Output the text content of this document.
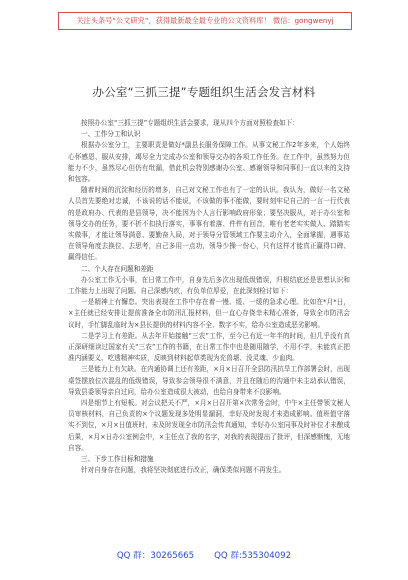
关注头条号“公文研究”，获得最新最全最专业的公文资料库！ 微信：gongwenyj
办公室“三抓三提”专题组织生活会发言材料

按照办公室“三抓三提”专题组织生活会要求，现从四个方面对照检查如下：

一、工作分工和认识

根据办公室分工，主要职责是做好*副县长服务保障工作。从事文秘工作2年多来，个人始终心怀感恩、服从安排，竭尽全力完成办公室和领导交办的各项工作任务。在工作中，虽然努力但能力不少，虽然尽心但仍有纰漏，借此机会特别感谢办公室、感谢领导和同事们一直以来的支持和包容。

随着时间的沉淀和经历的增多，自己对文秘工作也有了一定的认识。我认为，做好一名文秘人员首先要绝对忠诚，不该说的话不能说，不该做的事不能做，要时刻牢记自己的一言一行代表的是政府办、代表的是县领导，决不能因为个人言行影响政府形象；要坚决服从，对于办公室和领导交办的任务，要不折不扣执行落实，事事有着落、件件有回音，唯有老老实实做人、踏踏实实做事，才能让领导满意、要勤奋入局，对于领导分管领域工作要主动介入，全面掌握，遇事站在领导角度去换位、去思考，自己多用一点功，领导少操一份心，只有这样才能真正赢得口碑、赢得信任。

二、个人存在问题和差距

办公室工作无小事，在日常工作中，自身先后多次出现低级错误，归根结底还是思想认识和工作能力上出现了问题。自己深感内疚，有负单位厚爱，在此深刻检讨如下：

一是精神上有懈怠。突出表现在工作中存在着一慢、缓、一缓的急求心理。比如在*月*日，×主任就已经安排让提前准备全市防汛汇报材料，但一直心存侥幸未精心准备，导致全市防汛会议时，手忙脚乱临时为×县长提供的材料内容不全、数字不实，给办公室造成恶劣影响。

二是学习上有差距。从去年开始接触“三农”工作，至今已有近一年半的时间，但几乎没有真正深研细读过国家有关“三农”工作的书籍，在日常工作中也是随用随学，不用不学，未能真正把准内涵要义、吃透精神实质，反映到材料起草类现为充兽堪、没灵魂、少血肉。

三是能力上有欠缺。在内通协调上还有差距，×月×日召开全县防汛抗旱工作部署会时，出现桌签摆放位次混乱的低级错误，导致参会领导很不满意，并且在随后的沟通中未主动承认错误，导致县委领导亲自过问，给办公室造成很大被动，也给自身带来不良影响。

四是细节上有短板。对会议把关不严，×月×日召开第×次常务会时，中午×主任带领文秘人员审核材料，自己负责的×个议题发现多处明显漏洞，幸好及时发现才未造成影响。值班值守落实不到位，×月×日值班时，未及时发现全市防汛会传真通知，幸好办公室同事及时补位才未酿成后果，×月×日办公室例会中，×主任点了我的名字，对我的表现提出了批评，但深感惭愧，无地自容。

三、下步工作目标和措施

针对自身存在问题，我将坚决彻底进行改正，确保类似问题不再发生。

QQ 群：30265665 QQ 群:535304092
